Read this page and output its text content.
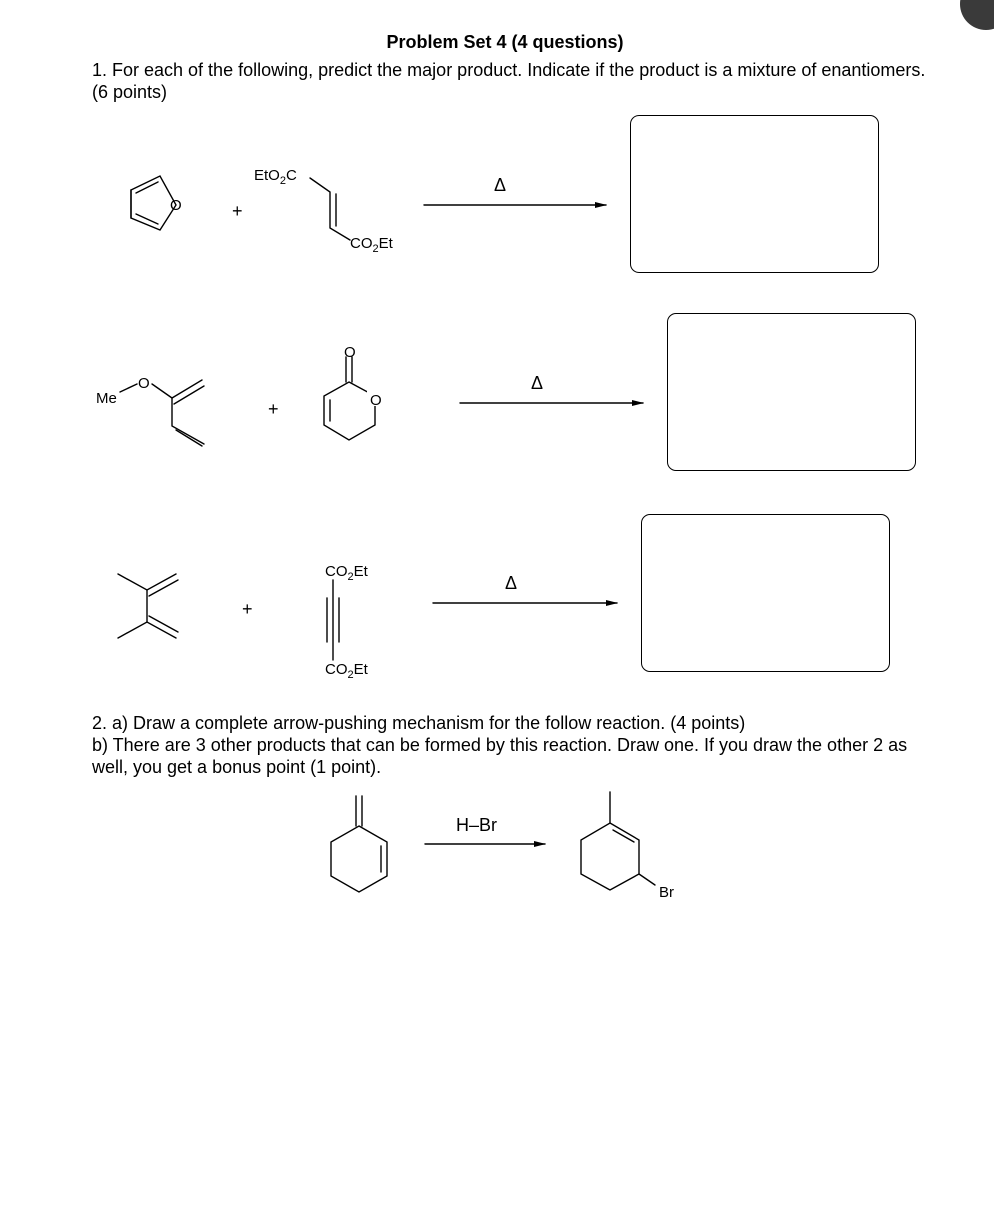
Problem Set 4 (4 questions)
1. For each of the following, predict the major product. Indicate if the product is a mixture of enantiomers. (6 points)
2. a) Draw a complete arrow-pushing mechanism for the follow reaction. (4 points)
b) There are 3 other products that can be formed by this reaction. Draw one. If you draw the other 2 as well, you get a bonus point (1 point).
O	+
EtO$_2$C
$CO_2Et$
Δ
Me
O
O
O
+
Δ
+
$CO_2Et$
$CO_2Et$
Δ
H–Br
Br
